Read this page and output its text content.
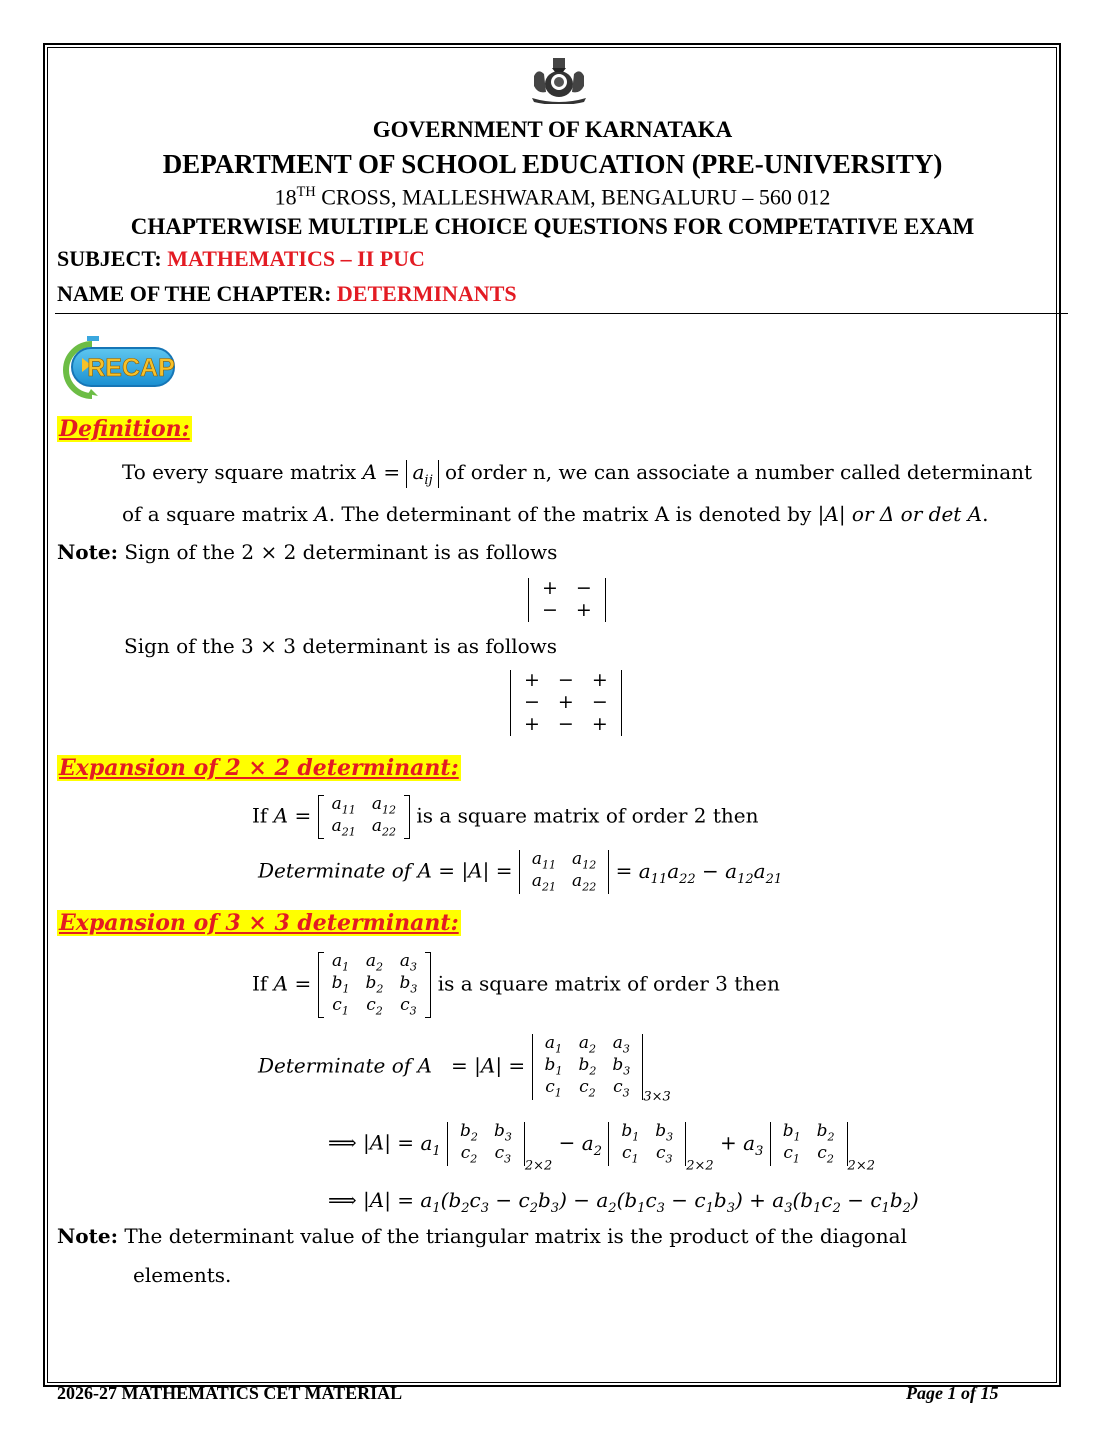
GOVERNMENT OF KARNATAKA
DEPARTMENT OF SCHOOL EDUCATION (PRE-UNIVERSITY)
18TH CROSS, MALLESHWARAM, BENGALURU – 560 012
CHAPTERWISE MULTIPLE CHOICE QUESTIONS FOR COMPETATIVE EXAM
SUBJECT: MATHEMATICS – II PUC
NAME OF THE CHAPTER: DETERMINANTS
RECAP
Definition:
To every square matrix $A = a_{ij}$ of order n, we can associate a number called determinant
of a square matrix A. The determinant of the matrix A is denoted by |A| or Δ or det A.
Note: Sign of the 2 × 2 determinant is as follows
+	−
−	+
Sign of the 3 × 3 determinant is as follows
+	−	+
−	+	−
+	−	+
Expansion of 2 × 2 determinant:
If $A = a_{11}$	$a_{12}$
$a_{21}$	$a_{22}$
is a square matrix of order 2 then
Determinate of $A = |A| = a_{11}$	$a_{12}$
$a_{21}$	$a_{22}$
= $a_{11}a_{22} - a_{12}a_{21}$
Expansion of 3 × 3 determinant:
If A =
$a_1$	$a_2$	$a_3$
$b_1$	$b_2$	$b_3$
$c_1$	$c_2$	$c_3$
is a square matrix of order 3 then
Determinate of A   = |A| =
$a_1$	$a_2$	$a_3$
$b_1$	$b_2$	$b_3$
$c_1$	$c_2$	$c_3$ $_{3\times 3}$
⟹ $|A| = a_1$
$b_2$	$b_3$
$c_2$	$c_3$ $_{2\times 2} - a_2$
$b_1$	$b_3$
$c_1$	$c_3$ $_{2\times 2} + a_3$
$b_1$	$b_2$
$c_1$	$c_2$ $_{2\times 2}$
⟹ $|A| = a_1(b_2c_3 - c_2b_3) - a_2(b_1c_3 - c_1b_3) + a_3(b_1c_2 - c_1b_2)$
Note: The determinant value of the triangular matrix is the product of the diagonal
elements.
2026-27 MATHEMATICS CET MATERIAL	Page 1 of 15
